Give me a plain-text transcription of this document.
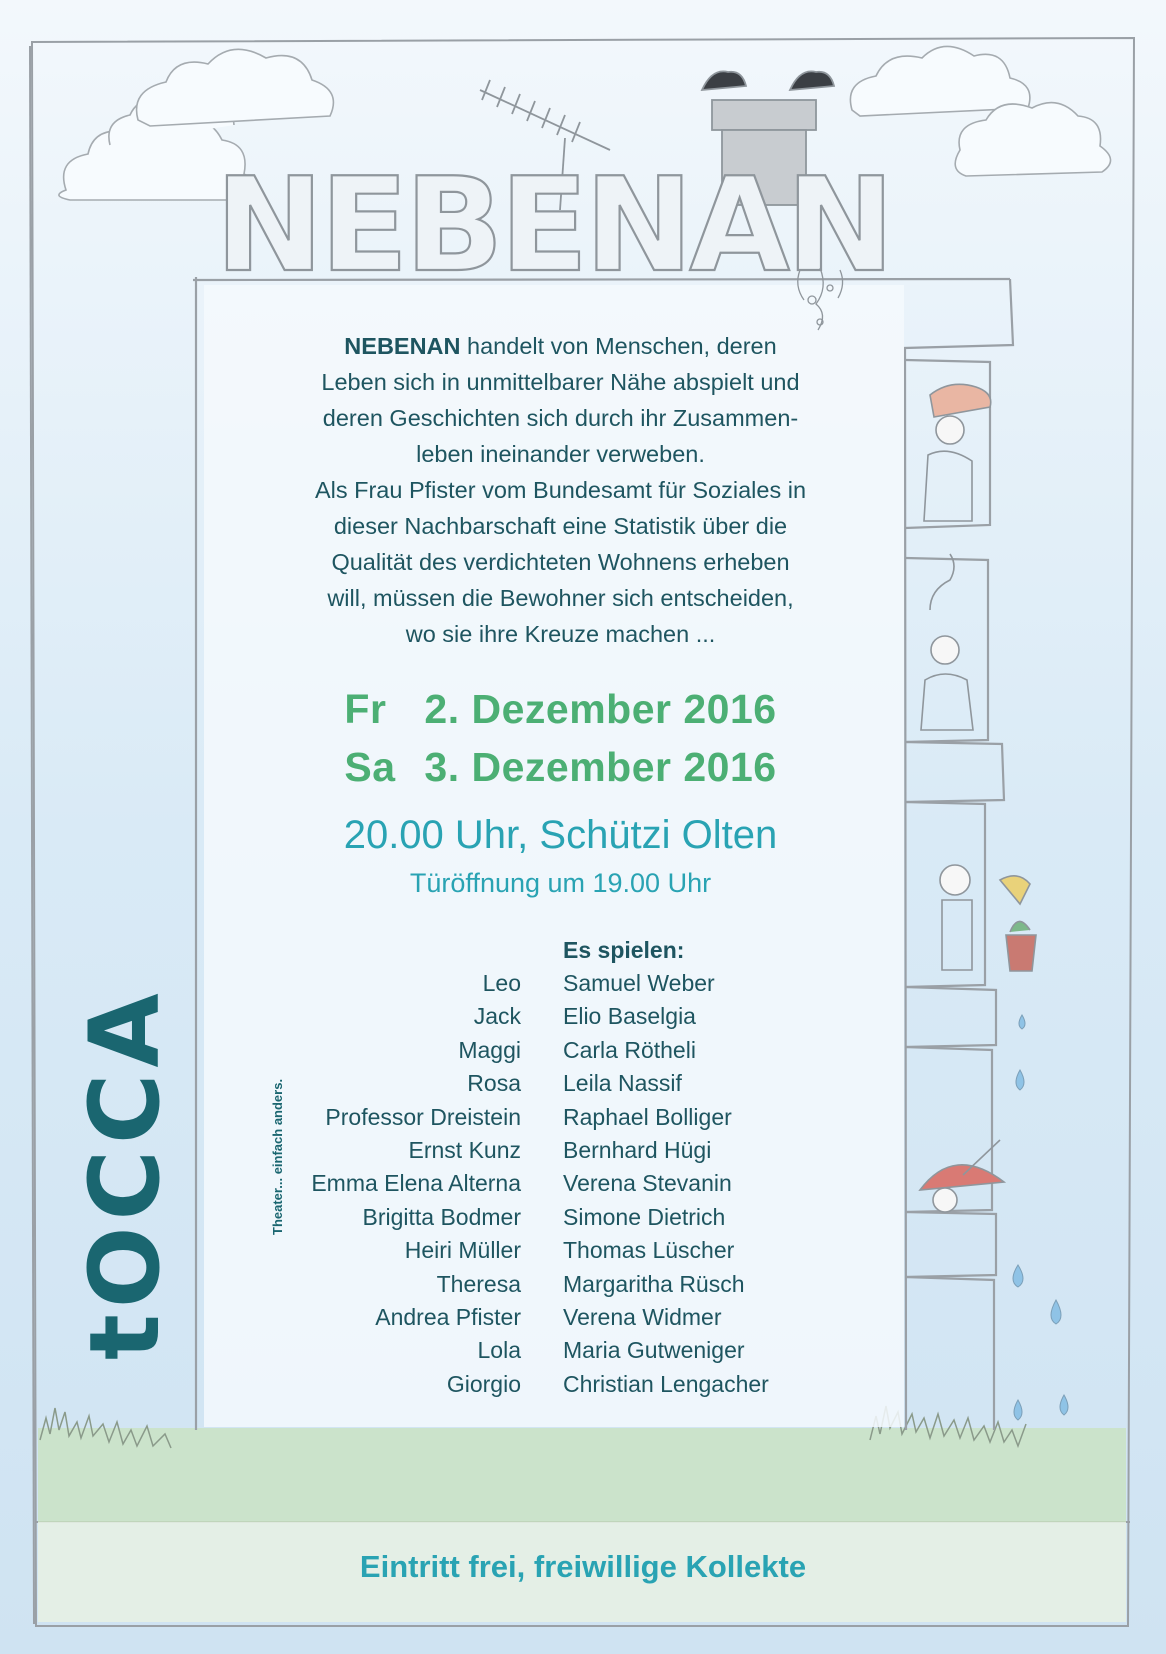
NEBENAN
NEBENAN handelt von Menschen, deren
Leben sich in unmittelbarer Nähe abspielt und
deren Geschichten sich durch ihr Zusammen-
leben ineinander verweben.
Als Frau Pfister vom Bundesamt für Soziales in
dieser Nachbarschaft eine Statistik über die
Qualität des verdichteten Wohnens erheben
will, müssen die Bewohner sich entscheiden,
wo sie ihre Kreuze machen ...
Fr 2. Dezember 2016
Sa 3. Dezember 2016
20.00 Uhr, Schützi Olten
Türöffnung um 19.00 Uhr
Es spielen:
Leo Samuel Weber
Jack Elio Baselgia
Maggi Carla Rötheli
Rosa Leila Nassif
Professor Dreistein Raphael Bolliger
Ernst Kunz Bernhard Hügi
Emma Elena Alterna Verena Stevanin
Brigitta Bodmer Simone Dietrich
Heiri Müller Thomas Lüscher
Theresa Margaritha Rüsch
Andrea Pfister Verena Widmer
Lola Maria Gutweniger
Giorgio Christian Lengacher
tOCCA	Theater... einfach anders.
Eintritt frei, freiwillige Kollekte
